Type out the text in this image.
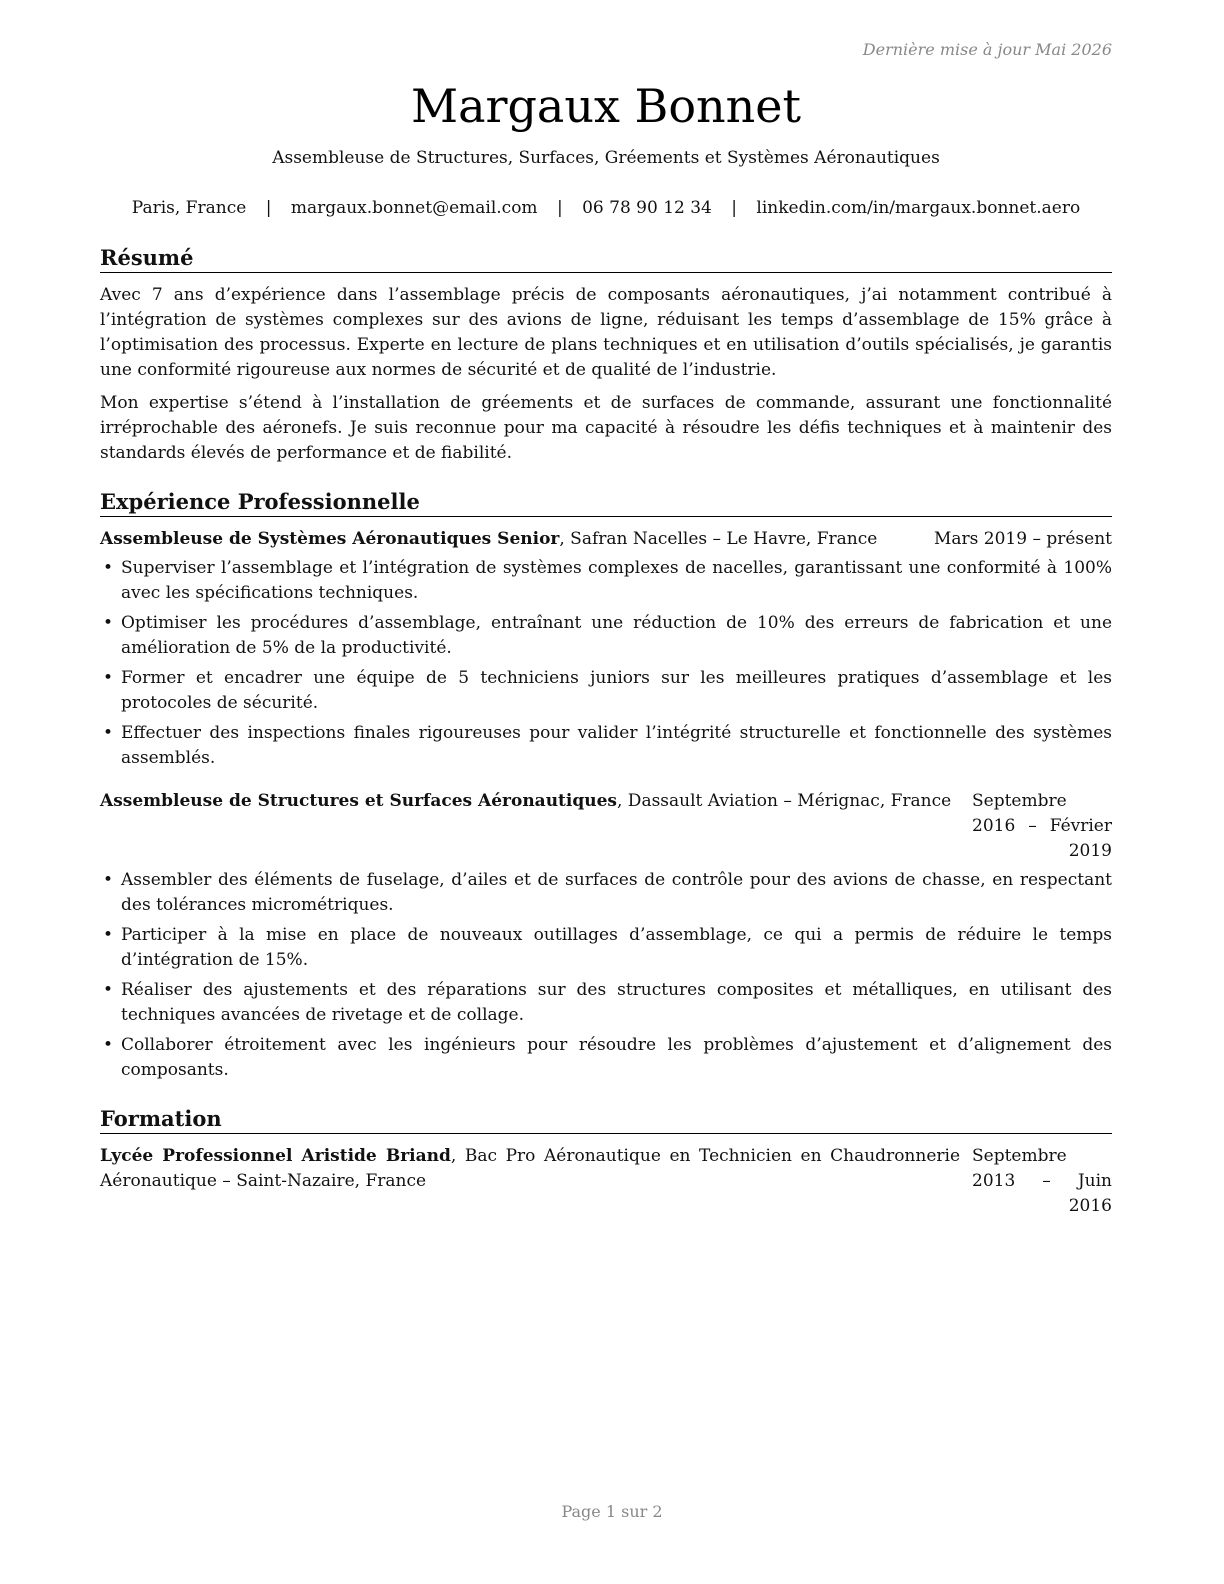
Dernière mise à jour Mai 2026
Margaux Bonnet
Assembleuse de Structures, Surfaces, Gréements et Systèmes Aéronautiques
Paris, France | margaux.bonnet@email.com | 06 78 90 12 34 | linkedin.com/in/margaux.bonnet.aero
Résumé

Avec 7 ans d’expérience dans l’assemblage précis de composants aéronautiques, j’ai notamment contribué à l’intégration de systèmes complexes sur des avions de ligne, réduisant les temps d’assemblage de 15% grâce à l’optimisation des processus. Experte en lecture de plans techniques et en utilisation d’outils spécialisés, je garantis une conformité rigoureuse aux normes de sécurité et de qualité de l’industrie.

Mon expertise s’étend à l’installation de gréements et de surfaces de commande, assurant une fonctionnalité irréprochable des aéronefs. Je suis reconnue pour ma capacité à résoudre les défis techniques et à maintenir des standards élevés de performance et de fiabilité.

Expérience Professionnelle
Assembleuse de Systèmes Aéronautiques Senior, Safran Nacelles – Le Havre, France	Mars 2019 – présent
• Superviser l’assemblage et l’intégration de systèmes complexes de nacelles, garantissant une conformité à 100% avec les spécifications techniques.
• Optimiser les procédures d’assemblage, entraînant une réduction de 10% des erreurs de fabrication et une amélioration de 5% de la productivité.
• Former et encadrer une équipe de 5 techniciens juniors sur les meilleures pratiques d’assemblage et les protocoles de sécurité.
• Effectuer des inspections finales rigoureuses pour valider l’intégrité structurelle et fonctionnelle des systèmes assemblés.
Assembleuse de Structures et Surfaces Aéronautiques, Dassault Aviation – Mérignac, France	Septembre 2016 – Février 2019
• Assembler des éléments de fuselage, d’ailes et de surfaces de contrôle pour des avions de chasse, en respectant des tolérances micrométriques.
• Participer à la mise en place de nouveaux outillages d’assemblage, ce qui a permis de réduire le temps d’intégration de 15%.
• Réaliser des ajustements et des réparations sur des structures composites et métalliques, en utilisant des techniques avancées de rivetage et de collage.
• Collaborer étroitement avec les ingénieurs pour résoudre les problèmes d’ajustement et d’alignement des composants.
Formation
Lycée Professionnel Aristide Briand, Bac Pro Aéronautique en Technicien en Chaudronnerie Aéronautique – Saint-Nazaire, France
Septembre 2013 – Juin 2016
Page 1 sur 2
